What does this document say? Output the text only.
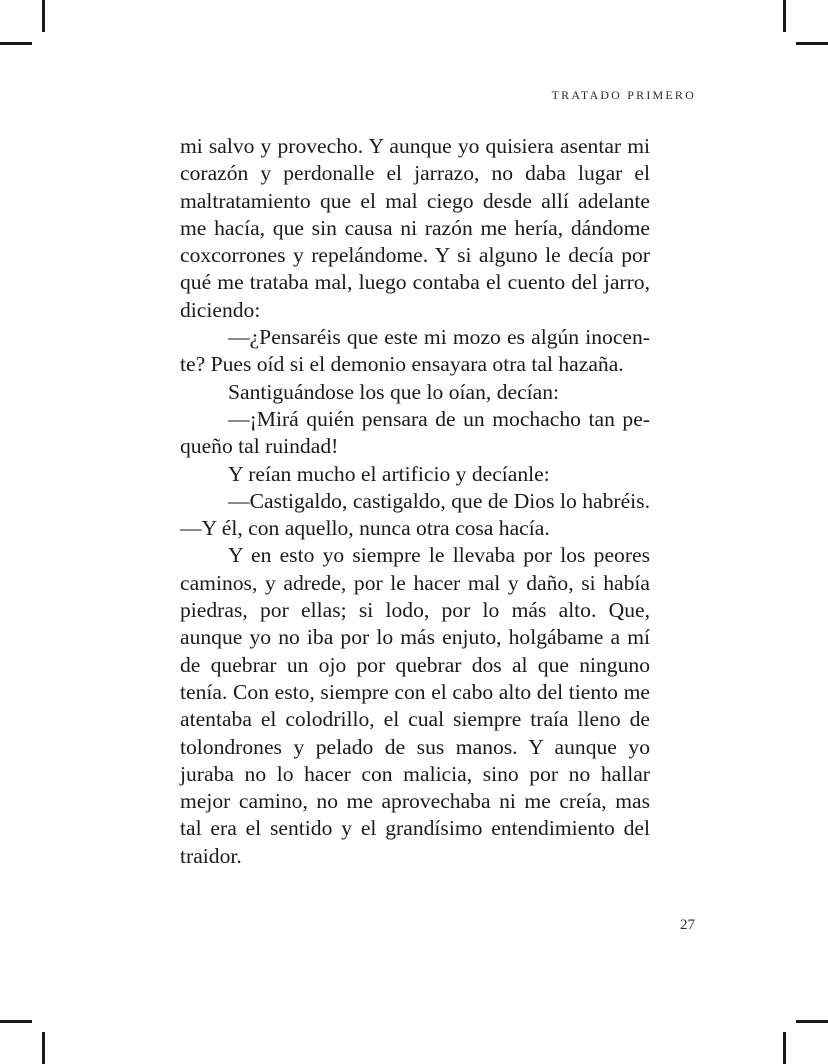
TRATADO PRIMERO

mi salvo y provecho. Y aunque yo quisiera asentar mi corazón y perdonalle el jarrazo, no daba lugar el maltratamiento que el mal ciego desde allí adelante me hacía, que sin causa ni razón me hería, dándome coxcorrones y repelándome. Y si alguno le decía por qué me trataba mal, luego contaba el cuento del jarro, diciendo:

—¿Pensaréis que este mi mozo es algún inocente? Pues oíd si el demonio ensayara otra tal hazaña.

Santiguándose los que lo oían, decían:

—¡Mirá quién pensara de un mochacho tan pequeño tal ruindad!

Y reían mucho el artificio y decíanle:

—Castigaldo, castigaldo, que de Dios lo habréis. —Y él, con aquello, nunca otra cosa hacía.

Y en esto yo siempre le llevaba por los peores caminos, y adrede, por le hacer mal y daño, si había piedras, por ellas; si lodo, por lo más alto. Que, aunque yo no iba por lo más enjuto, holgábame a mí de quebrar un ojo por quebrar dos al que ninguno tenía. Con esto, siempre con el cabo alto del tiento me atentaba el colodrillo, el cual siempre traía lleno de tolondrones y pelado de sus manos. Y aunque yo juraba no lo hacer con malicia, sino por no hallar mejor camino, no me aprovechaba ni me creía, mas tal era el sentido y el grandísimo entendimiento del traidor.

27
